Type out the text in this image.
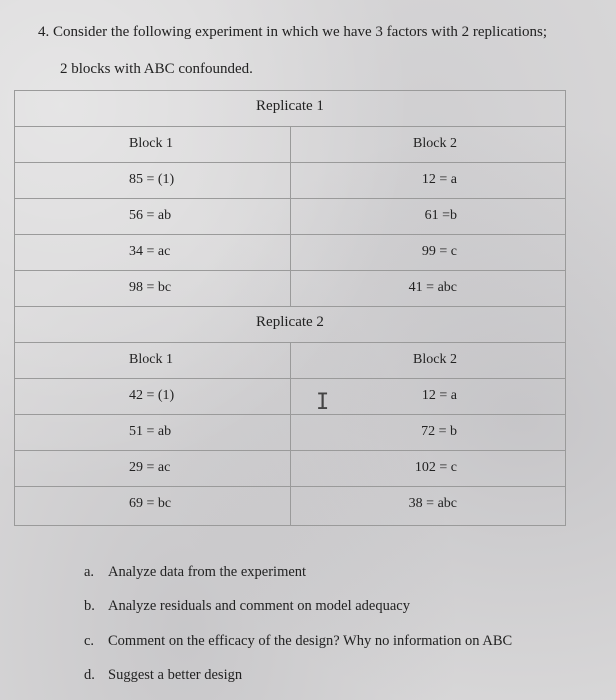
4. Consider the following experiment in which we have 3 factors with 2 replications;
2 blocks with ABC confounded.
Replicate 1
Block 1	Block 2
85 = (1)	12 = a
56 = ab	61 =b
34 = ac	99 = c
98 = bc	41 = abc
Replicate 2
Block 1	Block 2
42 = (1)	12 = a
51 = ab	72 = b
29 = ac	102 = c
69 = bc	38 = abc
I
a. Analyze data from the experiment
b. Analyze residuals and comment on model adequacy
c. Comment on the efficacy of the design? Why no information on ABC
d. Suggest a better design
